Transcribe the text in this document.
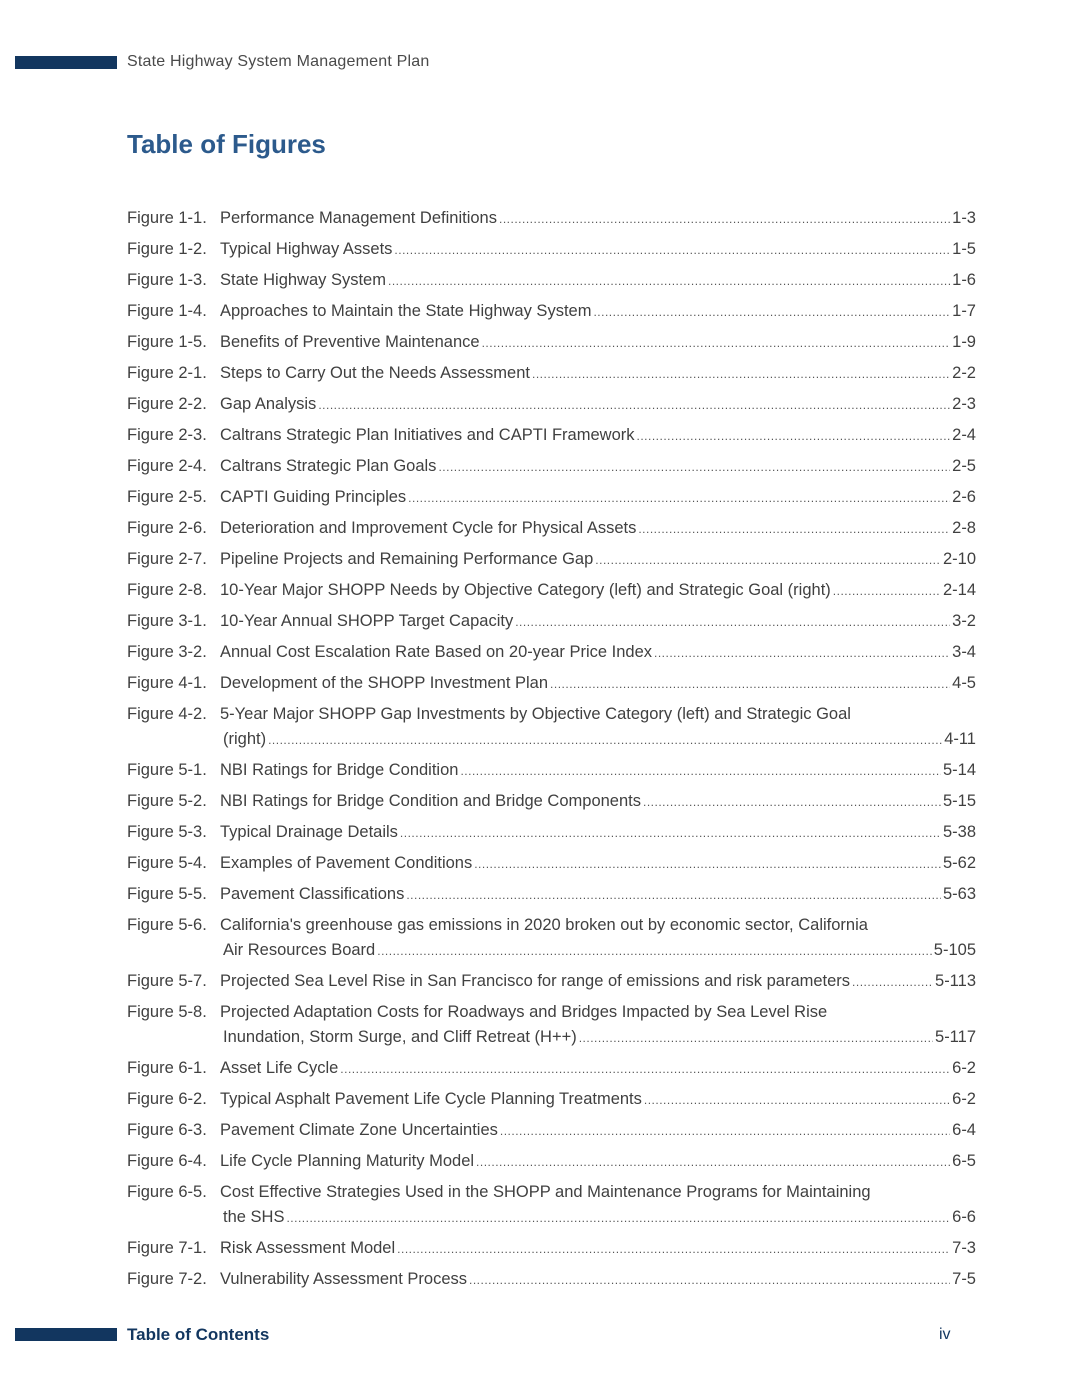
State Highway System Management Plan
Table of Figures
Figure 1-1. Performance Management Definitions .....	1-3
Figure 1-2. Typical Highway Assets .....	1-5
Figure 1-3. State Highway System .....	1-6
Figure 1-4. Approaches to Maintain the State Highway System .....	1-7
Figure 1-5. Benefits of Preventive Maintenance .....	1-9
Figure 2-1. Steps to Carry Out the Needs Assessment .....	2-2
Figure 2-2. Gap Analysis .....	2-3
Figure 2-3. Caltrans Strategic Plan Initiatives and CAPTI Framework .....	2-4
Figure 2-4. Caltrans Strategic Plan Goals .....	2-5
Figure 2-5. CAPTI Guiding Principles .....	2-6
Figure 2-6. Deterioration and Improvement Cycle for Physical Assets .....	2-8
Figure 2-7. Pipeline Projects and Remaining Performance Gap .....	2-10
Figure 2-8. 10-Year Major SHOPP Needs by Objective Category (left) and Strategic Goal (right) .....	2-14
Figure 3-1. 10-Year Annual SHOPP Target Capacity .....	3-2
Figure 3-2. Annual Cost Escalation Rate Based on 20-year Price Index .....	3-4
Figure 4-1. Development of the SHOPP Investment Plan .....	4-5
Figure 4-2. 5-Year Major SHOPP Gap Investments by Objective Category (left) and Strategic Goal
(right) .....	4-11
Figure 5-1. NBI Ratings for Bridge Condition .....	5-14
Figure 5-2. NBI Ratings for Bridge Condition and Bridge Components .....	5-15
Figure 5-3. Typical Drainage Details .....	5-38
Figure 5-4. Examples of Pavement Conditions .....	5-62
Figure 5-5. Pavement Classifications .....	5-63
Figure 5-6. California's greenhouse gas emissions in 2020 broken out by economic sector, California
Air Resources Board .....	5-105
Figure 5-7. Projected Sea Level Rise in San Francisco for range of emissions and risk parameters .....	5-113
Figure 5-8. Projected Adaptation Costs for Roadways and Bridges Impacted by Sea Level Rise
Inundation, Storm Surge, and Cliff Retreat (H++) .....	5-117
Figure 6-1. Asset Life Cycle .....	6-2
Figure 6-2. Typical Asphalt Pavement Life Cycle Planning Treatments .....	6-2
Figure 6-3. Pavement Climate Zone Uncertainties .....	6-4
Figure 6-4. Life Cycle Planning Maturity Model .....	6-5
Figure 6-5. Cost Effective Strategies Used in the SHOPP and Maintenance Programs for Maintaining
the SHS .....	6-6
Figure 7-1. Risk Assessment Model .....	7-3
Figure 7-2. Vulnerability Assessment Process .....	7-5
Table of Contents	iv
